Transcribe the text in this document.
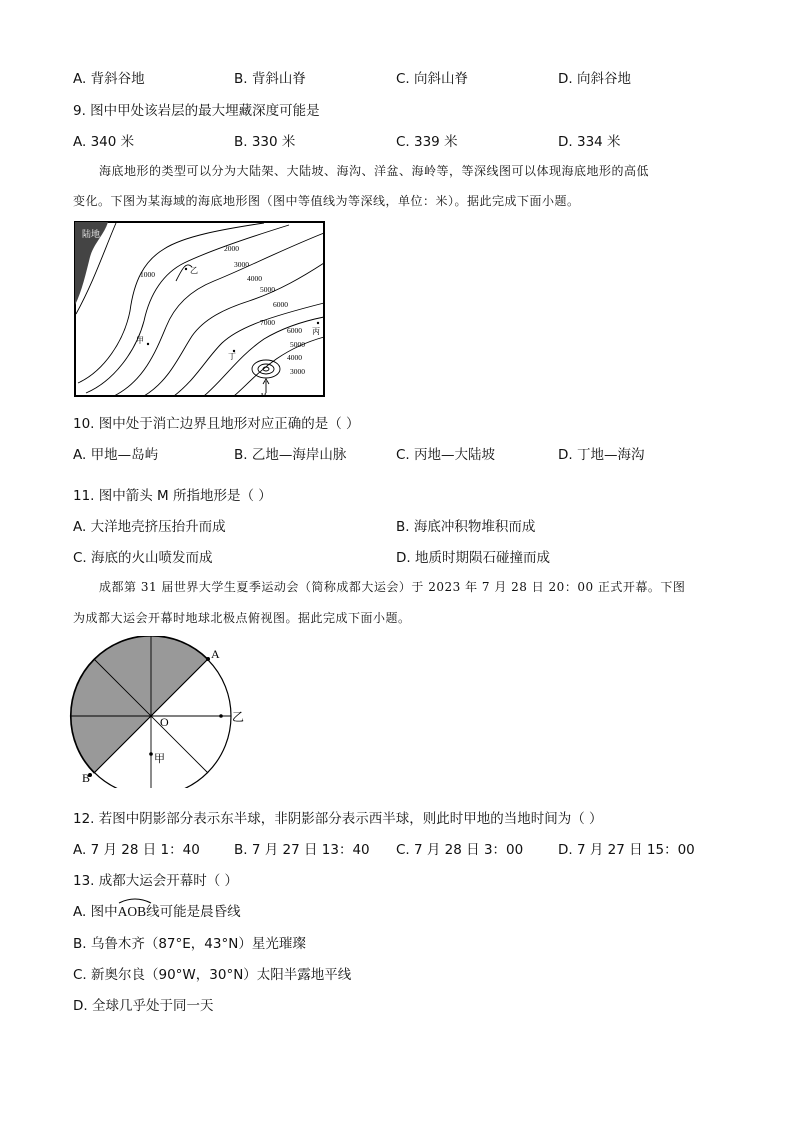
A. 背斜谷地	B. 背斜山脊	C. 向斜山脊	D. 向斜谷地
9. 图中甲处该岩层的最大埋藏深度可能是
A. 340 米	B. 330 米	C. 339 米	D. 334 米
海底地形的类型可以分为大陆架、大陆坡、海沟、洋盆、海岭等，等深线图可以体现海底地形的高低
变化。下图为某海域的海底地形图（图中等值线为等深线，单位：米）。据此完成下面小题。
陆地
1000
2000
3000
4000
5000
6000
7000
6000
5000
4000
3000
甲
乙
丙
丁
M
10. 图中处于消亡边界且地形对应正确的是（ ）
A. 甲地—岛屿	B. 乙地—海岸山脉	C. 丙地—大陆坡	D. 丁地—海沟
11. 图中箭头 M 所指地形是（ ）
A. 大洋地壳挤压抬升而成	B. 海底冲积物堆积而成
C. 海底的火山喷发而成	D. 地质时期陨石碰撞而成
成都第 31 届世界大学生夏季运动会（简称成都大运会）于 2023 年 7 月 28 日 20：00 正式开幕。下图
为成都大运会开幕时地球北极点俯视图。据此完成下面小题。
A
B
O	乙
甲
12. 若图中阴影部分表示东半球，非阴影部分表示西半球，则此时甲地的当地时间为（ ）
A. 7 月 28 日 1：40	B. 7 月 27 日 13：40 C. 7 月 28 日 3：00	D. 7 月 27 日 15：00
13. 成都大运会开幕时（ ）
A. 图中
AOB线可能是晨昏线
B. 乌鲁木齐（87°E，43°N）星光璀璨
C. 新奥尔良（90°W，30°N）太阳半露地平线
D. 全球几乎处于同一天
